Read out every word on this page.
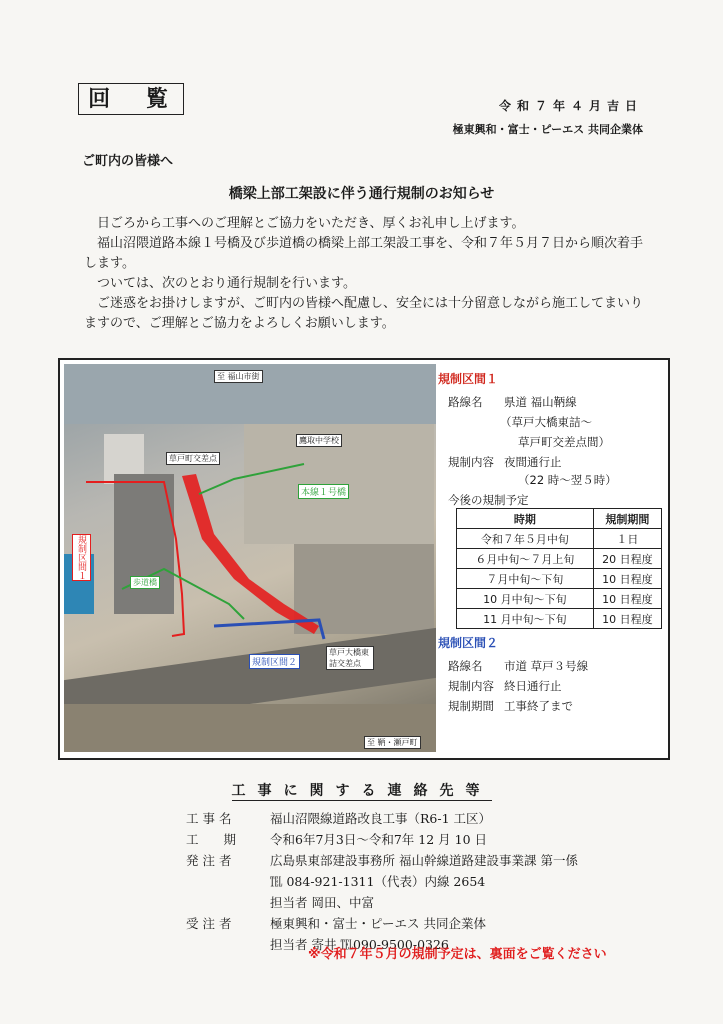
回 覧	令和７年４月吉日
極東興和・富士・ピーエス 共同企業体
ご町内の皆様へ
橋梁上部工架設に伴う通行規制のお知らせ

日ごろから工事へのご理解とご協力をいただき、厚くお礼申し上げます。

福山沼隈道路本線１号橋及び歩道橋の橋梁上部工架設工事を、令和７年５月７日から順次着手します。

ついては、次のとおり通行規制を行います。

ご迷惑をお掛けしますが、ご町内の皆様へ配慮し、安全には十分留意しながら施工してまいりますので、ご理解とご協力をよろしくお願いします。

至 福山市街
鷹取中学校
草戸町交差点
本線１号橋
規制区間１
歩道橋
規制区間２
草戸大橋東詰交差点
至 鞆・瀬戸町
規制区間１
路線名 県道 福山鞆線
（草戸大橋東詰～
草戸町交差点間）
規制内容 夜間通行止
（22 時～翌５時）
今後の規制予定
時期	規制期間
令和７年５月中旬	１日
６月中旬～７月上旬	20 日程度
７月中旬～下旬	10 日程度
10 月中旬～下旬	10 日程度
11 月中旬～下旬	10 日程度
規制区間２
路線名 市道 草戸３号線
規制内容 終日通行止
規制期間 工事終了まで
工事に関する連絡先等
工 事 名	福山沼隈線道路改良工事（R6-1 工区）
工　　期	令和6年7月3日～令和7年 12 月 10 日
発 注 者	広島県東部建設事務所 福山幹線道路建設事業課 第一係
℡ 084-921-1311（代表）内線 2654
担当者 岡田、中富
受 注 者	極東興和・富士・ピーエス 共同企業体
担当者 寄井 ℡090-9500-0326
※令和７年５月の規制予定は、裏面をご覧ください
